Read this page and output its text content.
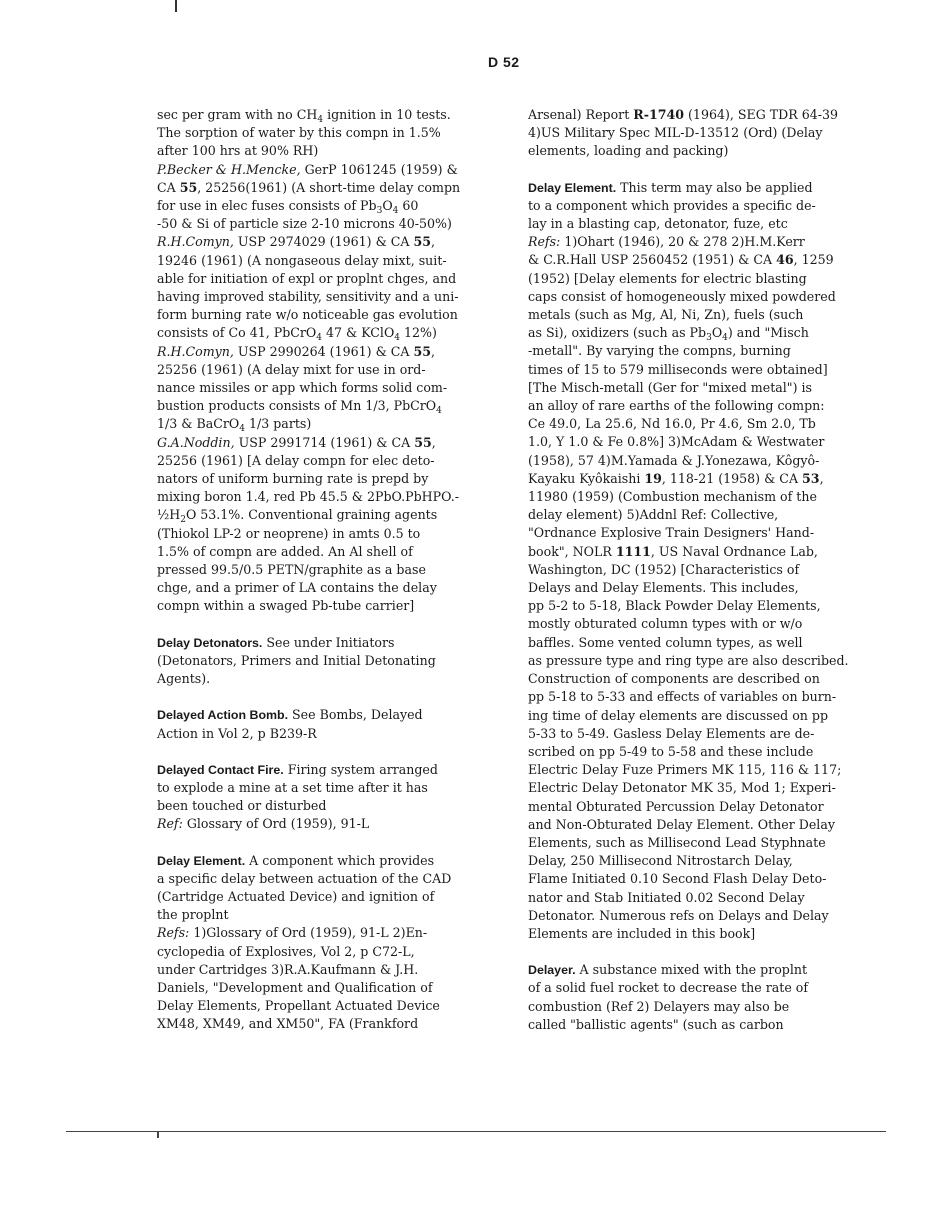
D 52
sec per gram with no $CH_4$ ignition in 10 tests.
The sorption of water by this compn in 1.5%
after 100 hrs at 90% RH)
P.Becker & H.Mencke, GerP 1061245 (1959) &
CA 55, 25256(1961) (A short-time delay compn
for use in elec fuses consists of $Pb_3O_4$ 60
-50 & Si of particle size 2-10 microns 40-50%)
R.H.Comyn, USP 2974029 (1961) & CA 55,
19246 (1961) (A nongaseous delay mixt, suit-
able for initiation of expl or proplnt chges, and
having improved stability, sensitivity and a uni-
form burning rate w/o noticeable gas evolution
consists of Co 41, PbCrO$_4$ 47 & KClO$_4$ 12%)
R.H.Comyn, USP 2990264 (1961) & CA 55,
25256 (1961) (A delay mixt for use in ord-
nance missiles or app which forms solid com-
bustion products consists of Mn 1/3, PbCrO$_4$
1/3 & BaCrO$_4$ 1/3 parts)
G.A.Noddin, USP 2991714 (1961) & CA 55,
25256 (1961) [A delay compn for elec deto-
nators of uniform burning rate is prepd by
mixing boron 1.4, red Pb 45.5 & 2PbO.PbHPO.-
$\frac{1}{2}H_2O$ 53.1%. Conventional graining agents
(Thiokol LP-2 or neoprene) in amts 0.5 to
1.5% of compn are added. An Al shell of
pressed 99.5/0.5 PETN/graphite as a base
chge, and a primer of LA contains the delay
compn within a swaged Pb-tube carrier]
Delay Detonators. See under Initiators
(Detonators, Primers and Initial Detonating
Agents).
Delayed Action Bomb. See Bombs, Delayed
Action in Vol 2, p B239-R
Delayed Contact Fire. Firing system arranged
to explode a mine at a set time after it has
been touched or disturbed
Ref: Glossary of Ord (1959), 91-L
Delay Element. A component which provides
a specific delay between actuation of the CAD
(Cartridge Actuated Device) and ignition of
the proplnt
Refs: 1)Glossary of Ord (1959), 91-L 2)En-
cyclopedia of Explosives, Vol 2, p C72-L,
under Cartridges 3)R.A.Kaufmann & J.H.
Daniels, "Development and Qualification of
Delay Elements, Propellant Actuated Device
XM48, XM49, and XM50", FA (Frankford
Arsenal) Report R-1740 (1964), SEG TDR 64-39
4)US Military Spec MIL-D-13512 (Ord) (Delay
elements, loading and packing)
Delay Element. This term may also be applied
to a component which provides a specific de-
lay in a blasting cap, detonator, fuze, etc
Refs: 1)Ohart (1946), 20 & 278 2)H.M.Kerr
& C.R.Hall USP 2560452 (1951) & CA 46, 1259
(1952) [Delay elements for electric blasting
caps consist of homogeneously mixed powdered
metals (such as Mg, Al, Ni, Zn), fuels (such
as Si), oxidizers (such as $Pb_3O_4$) and "Misch
-metall". By varying the compns, burning
times of 15 to 579 milliseconds were obtained]
[The Misch-metall (Ger for "mixed metal") is
an alloy of rare earths of the following compn:
Ce 49.0, La 25.6, Nd 16.0, Pr 4.6, Sm 2.0, Tb
1.0, Y 1.0 & Fe 0.8%] 3)McAdam & Westwater
(1958), 57 4)M.Yamada & J.Yonezawa, Kôgyô-
Kayaku Kyôkaishi 19, 118-21 (1958) & CA 53,
11980 (1959) (Combustion mechanism of the
delay element) 5)Addnl Ref: Collective,
"Ordnance Explosive Train Designers' Hand-
book", NOLR 1111, US Naval Ordnance Lab,
Washington, DC (1952) [Characteristics of
Delays and Delay Elements. This includes,
pp 5-2 to 5-18, Black Powder Delay Elements,
mostly obturated column types with or w/o
baffles. Some vented column types, as well
as pressure type and ring type are also described.
Construction of components are described on
pp 5-18 to 5-33 and effects of variables on burn-
ing time of delay elements are discussed on pp
5-33 to 5-49. Gasless Delay Elements are de-
scribed on pp 5-49 to 5-58 and these include
Electric Delay Fuze Primers MK 115, 116 & 117;
Electric Delay Detonator MK 35, Mod 1; Experi-
mental Obturated Percussion Delay Detonator
and Non-Obturated Delay Element. Other Delay
Elements, such as Millisecond Lead Styphnate
Delay, 250 Millisecond Nitrostarch Delay,
Flame Initiated 0.10 Second Flash Delay Deto-
nator and Stab Initiated 0.02 Second Delay
Detonator. Numerous refs on Delays and Delay
Elements are included in this book]
Delayer. A substance mixed with the proplnt
of a solid fuel rocket to decrease the rate of
combustion (Ref 2) Delayers may also be
called "ballistic agents" (such as carbon
